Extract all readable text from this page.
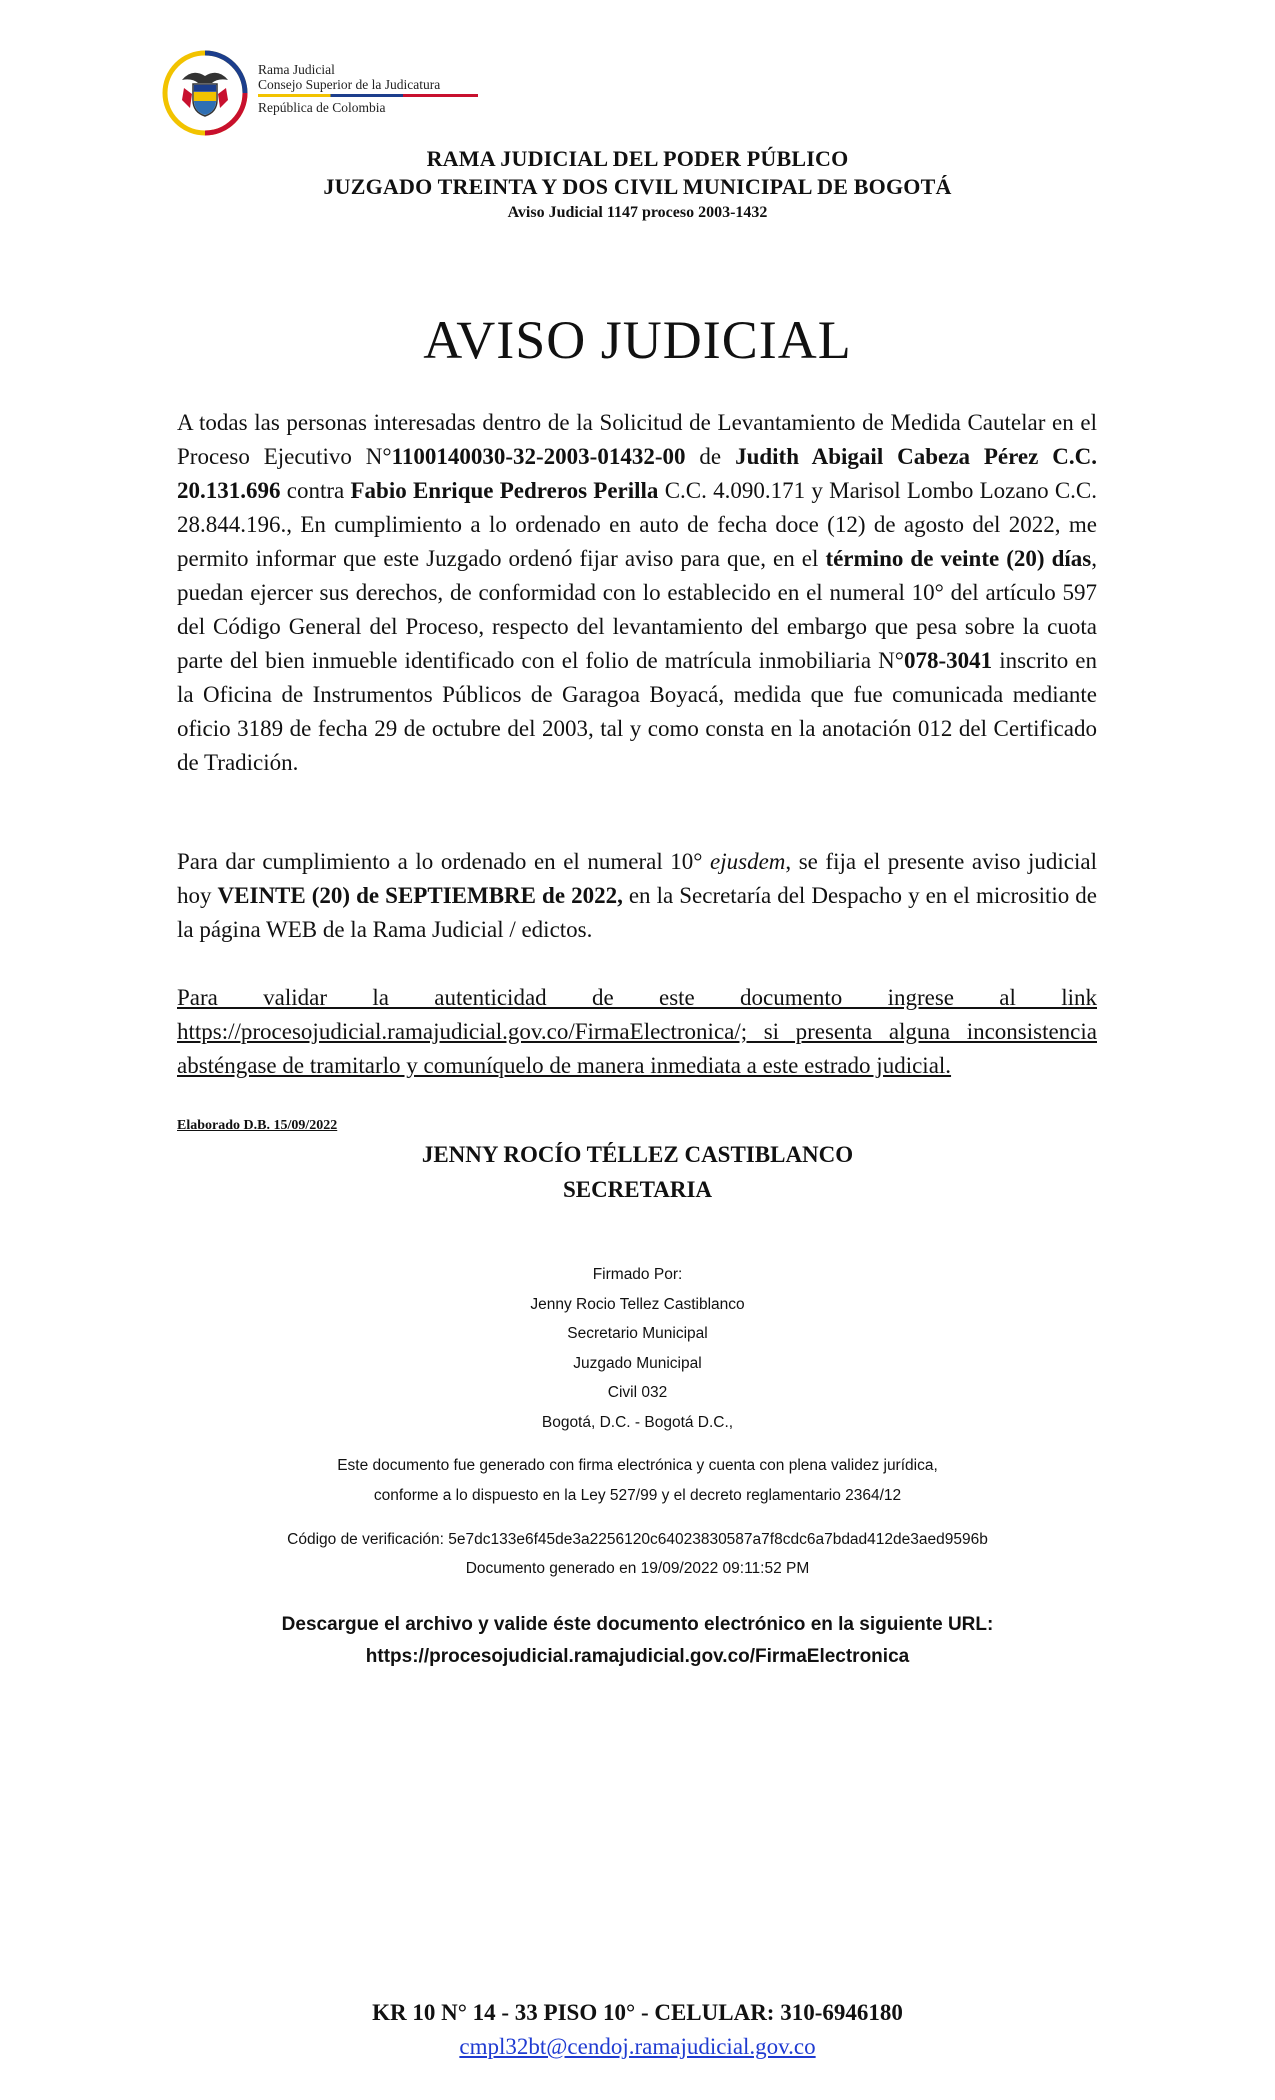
Rama Judicial
Consejo Superior de la Judicatura
República de Colombia
RAMA JUDICIAL DEL PODER PÚBLICO
JUZGADO TREINTA Y DOS CIVIL MUNICIPAL DE BOGOTÁ
Aviso Judicial 1147 proceso 2003-1432
AVISO JUDICIAL
A todas las personas interesadas dentro de la Solicitud de Levantamiento de Medida Cautelar en el Proceso Ejecutivo N°1100140030-32-2003-01432-00 de Judith Abigail Cabeza Pérez C.C. 20.131.696 contra Fabio Enrique Pedreros Perilla C.C. 4.090.171 y Marisol Lombo Lozano C.C. 28.844.196., En cumplimiento a lo ordenado en auto de fecha doce (12) de agosto del 2022, me permito informar que este Juzgado ordenó fijar aviso para que, en el término de veinte (20) días, puedan ejercer sus derechos, de conformidad con lo establecido en el numeral 10° del artículo 597 del Código General del Proceso, respecto del levantamiento del embargo que pesa sobre la cuota parte del bien inmueble identificado con el folio de matrícula inmobiliaria N°078-3041 inscrito en la Oficina de Instrumentos Públicos de Garagoa Boyacá, medida que fue comunicada mediante oficio 3189 de fecha 29 de octubre del 2003, tal y como consta en la anotación 012 del Certificado de Tradición.
Para dar cumplimiento a lo ordenado en el numeral 10° ejusdem, se fija el presente aviso judicial hoy VEINTE (20) de SEPTIEMBRE de 2022, en la Secretaría del Despacho y en el micrositio de la página WEB de la Rama Judicial / edictos.
Para validar la autenticidad de este documento ingrese al link https://procesojudicial.ramajudicial.gov.co/FirmaElectronica/; si presenta alguna inconsistencia absténgase de tramitarlo y comuníquelo de manera inmediata a este estrado judicial.
Elaborado D.B. 15/09/2022
JENNY ROCÍO TÉLLEZ CASTIBLANCO
SECRETARIA
Firmado Por:
Jenny Rocio Tellez Castiblanco
Secretario Municipal
Juzgado Municipal
Civil 032
Bogotá, D.C. - Bogotá D.C.,
Este documento fue generado con firma electrónica y cuenta con plena validez jurídica,
conforme a lo dispuesto en la Ley 527/99 y el decreto reglamentario 2364/12
Código de verificación: 5e7dc133e6f45de3a2256120c64023830587a7f8cdc6a7bdad412de3aed9596b
Documento generado en 19/09/2022 09:11:52 PM
Descargue el archivo y valide éste documento electrónico en la siguiente URL:
https://procesojudicial.ramajudicial.gov.co/FirmaElectronica
KR 10 N° 14 - 33 PISO 10° - CELULAR: 310-6946180
cmpl32bt@cendoj.ramajudicial.gov.co
